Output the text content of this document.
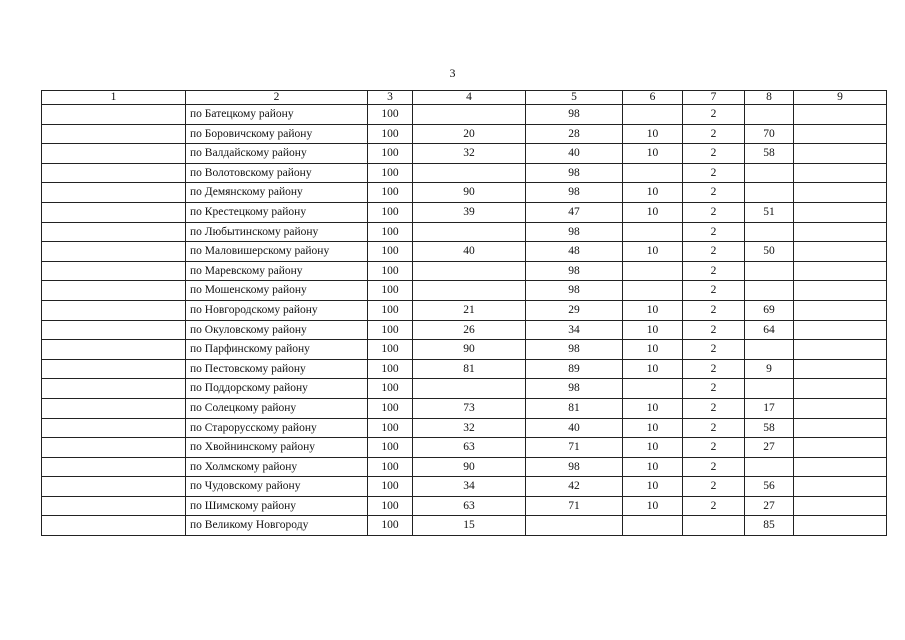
3
1	2	3	4	5	6	7	8	9
	по Батецкому району	100		98		2		
	по Боровичскому району	100	20	28	10	2	70	
	по Валдайскому району	100	32	40	10	2	58	
	по Волотовскому району	100		98		2		
	по Демянскому району	100	90	98	10	2		
	по Крестецкому району	100	39	47	10	2	51	
	по Любытинскому району	100		98		2		
	по Маловишерскому району	100	40	48	10	2	50	
	по Маревскому району	100		98		2		
	по Мошенскому району	100		98		2		
	по Новгородскому району	100	21	29	10	2	69	
	по Окуловскому району	100	26	34	10	2	64	
	по Парфинскому району	100	90	98	10	2		
	по Пестовскому району	100	81	89	10	2	9	
	по Поддорскому району	100		98		2		
	по Солецкому району	100	73	81	10	2	17	
	по Старорусскому району	100	32	40	10	2	58	
	по Хвойнинскому району	100	63	71	10	2	27	
	по Холмскому району	100	90	98	10	2		
	по Чудовскому району	100	34	42	10	2	56	
	по Шимскому району	100	63	71	10	2	27	
	по Великому Новгороду	100	15				85	
